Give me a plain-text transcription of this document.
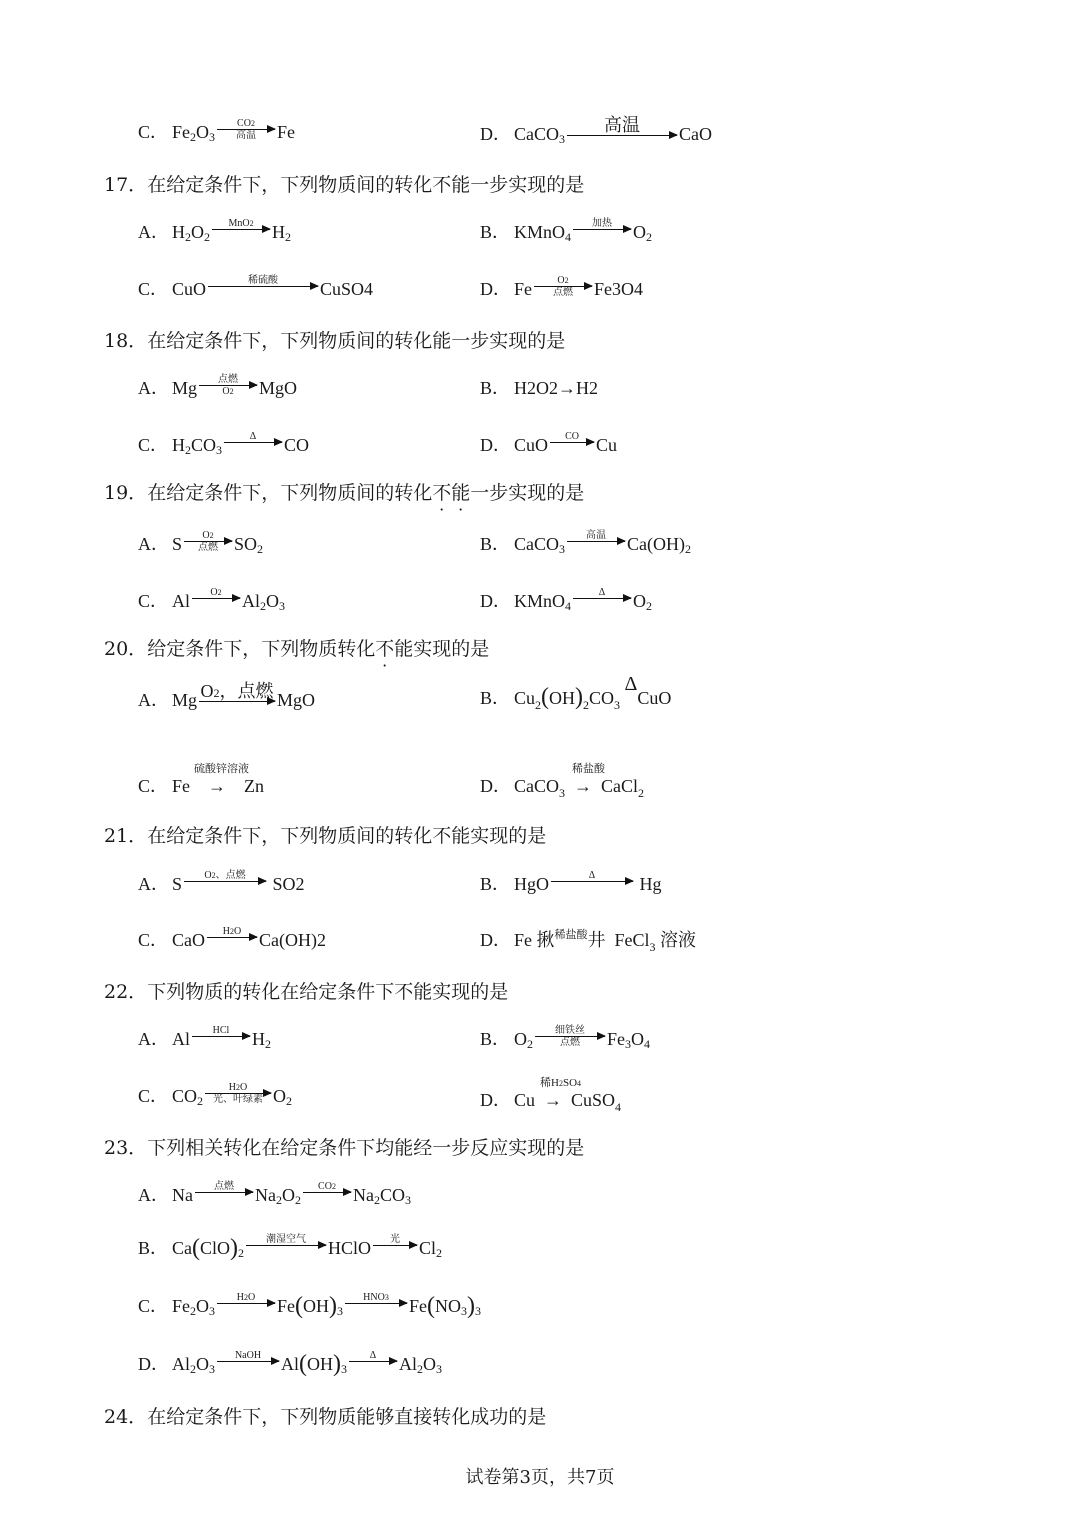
C． Fe 2 O 3
CO2
高温 Fe	D． CaCO 3
高温 CaO
17．在给定条件下，下列物质间的转化不能一步实现的是
A． H 2 O 2
MnO2 H 2	B． KMnO 4
加热 O 2
C． CuO	稀硫酸 CuSO4	D． Fe	O2
点燃 Fe3O4
18．在给定条件下，下列物质间的转化能一步实现的是
A． Mg 点燃
O2 MgO	B． H2O2→H2
C． H 2 CO 3
Δ CO	D． CuO CO Cu
19．在给定条件下，下列物质间的转化不能一步实现的是
A． S O2
点燃 SO 2	B． CaCO 3
高温 Ca(OH) 2
C． Al O2 Al 2 O 3	D． KMnO 4
Δ O 2
20．给定条件下，下列物质转化不能实现的是
A． Mg O2，点燃 MgO	B． $Cu_2(OH)_2CO_3$ ΔCuO
C．
硫酸锌溶液
Fe    →    Zn	D．
稀盐酸
CaCO$_3$  →  CaCl$_2$
21．在给定条件下，下列物质间的转化不能实现的是
A． S O2、点燃 SO2	B． HgO	Δ Hg
C． CaO H2O Ca(OH)2	D． Fe 揪$^{稀盐酸}$井  FeCl$_3$ 溶液
22．下列物质的转化在给定条件下不能实现的是
A． Al HCl H 2	B． O 2
细铁丝
点燃 Fe 3 O 4
C． CO 2
H2O
光、叶绿素 O 2	D．
稀H2SO4
Cu  →  CuSO$_4$
23．下列相关转化在给定条件下均能经一步反应实现的是
A． Na 点燃 Na 2 O 2
CO2 Na 2 CO 3
B． Ca ( ClO ) 2
潮湿空气 HClO 光 Cl 2
C． Fe 2 O 3
H2O Fe ( OH ) 3
HNO3 Fe ( NO 3 ) 3
D． Al 2 O 3
NaOH Al ( OH ) 3
Δ Al 2 O 3
24．在给定条件下，下列物质能够直接转化成功的是
试卷第3页，共7页
